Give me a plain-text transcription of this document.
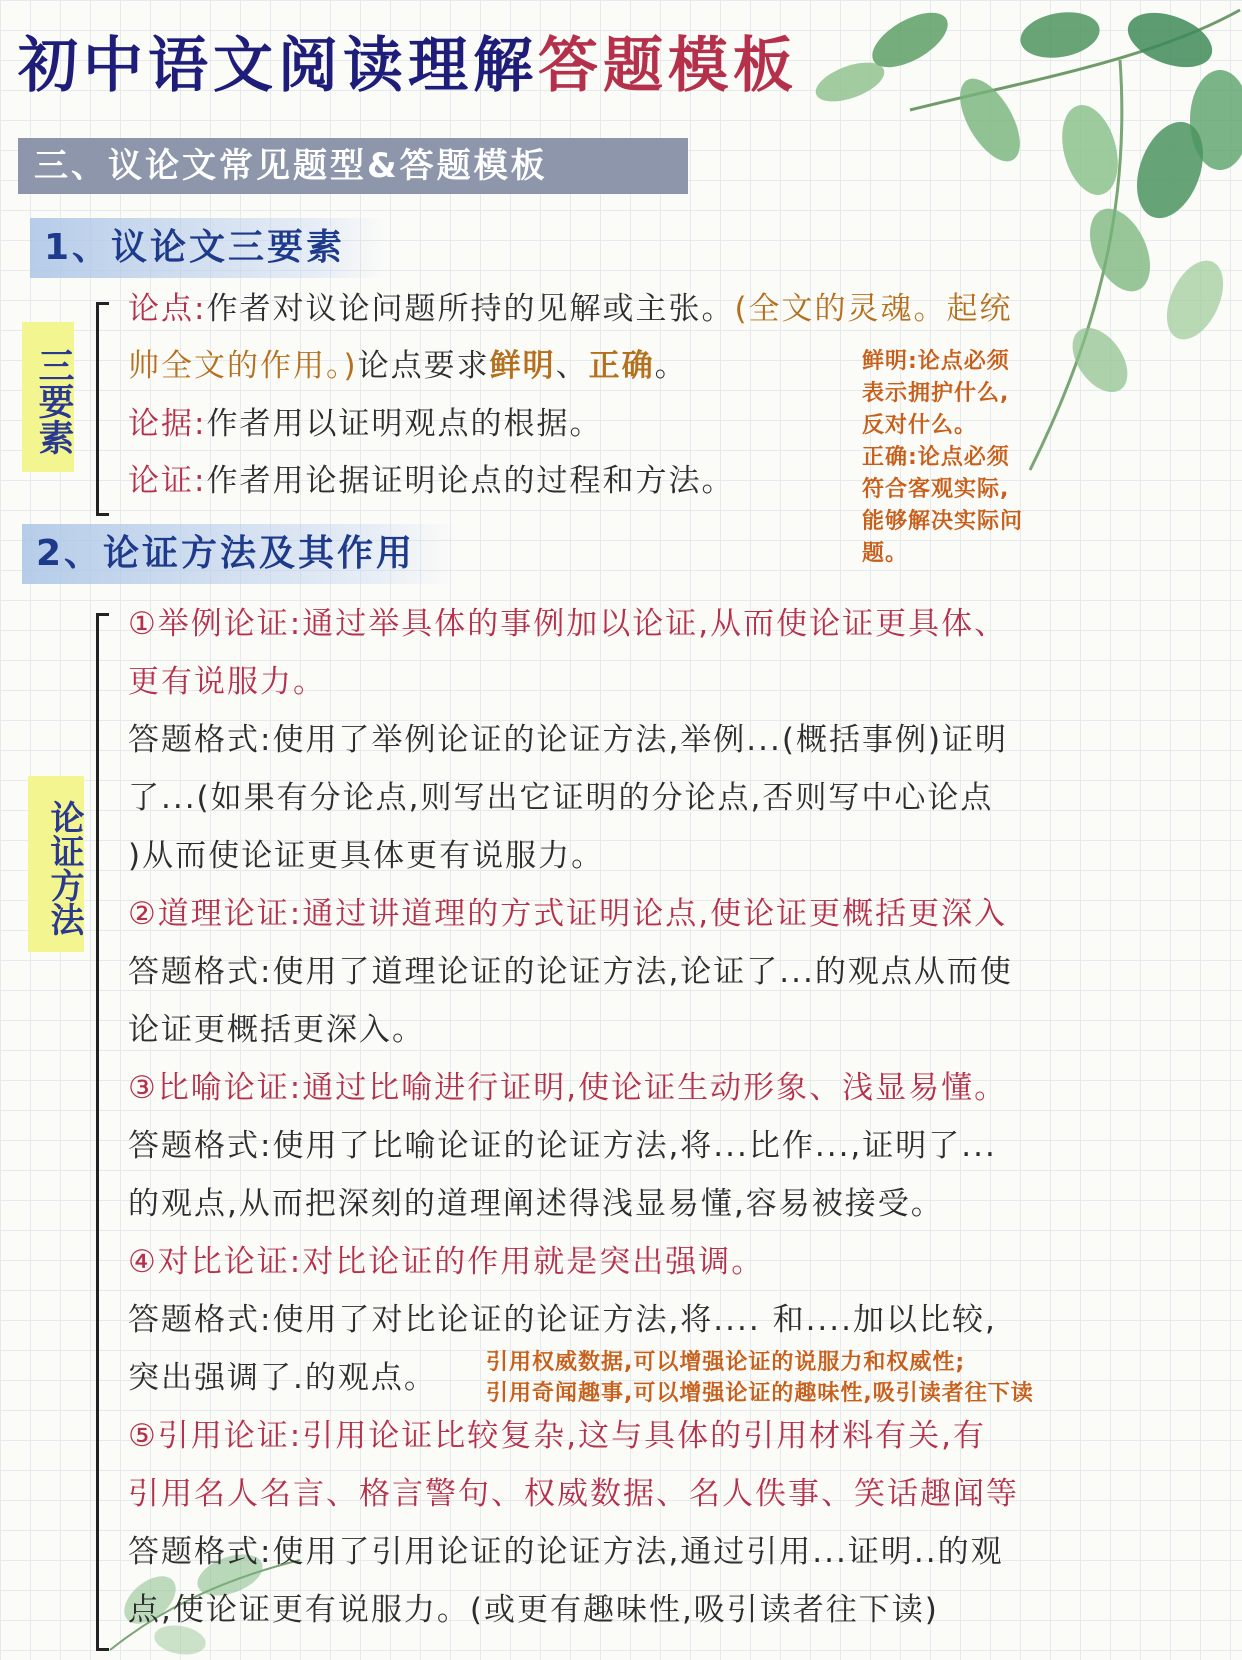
初中语文阅读理解答题模板
三、议论文常见题型&答题模板
1、议论文三要素
三要素
论点:作者对议论问题所持的见解或主张。(全文的灵魂。起统
帅全文的作用。)论点要求鲜明、正确。
论据:作者用以证明观点的根据。
论证:作者用论据证明论点的过程和方法。
鲜明:论点必须
表示拥护什么,
反对什么。
正确:论点必须
符合客观实际,
能够解决实际问
题。
2、论证方法及其作用
论证方法
①举例论证:通过举具体的事例加以论证,从而使论证更具体、
更有说服力。
答题格式:使用了举例论证的论证方法,举例...(概括事例)证明
了...(如果有分论点,则写出它证明的分论点,否则写中心论点
)从而使论证更具体更有说服力。
②道理论证:通过讲道理的方式证明论点,使论证更概括更深入
答题格式:使用了道理论证的论证方法,论证了...的观点从而使
论证更概括更深入。
③比喻论证:通过比喻进行证明,使论证生动形象、浅显易懂。
答题格式:使用了比喻论证的论证方法,将...比作...,证明了...
的观点,从而把深刻的道理阐述得浅显易懂,容易被接受。
④对比论证:对比论证的作用就是突出强调。
答题格式:使用了对比论证的论证方法,将.... 和....加以比较,
突出强调了.的观点。 引用权威数据,可以增强论证的说服力和权威性;
引用奇闻趣事,可以增强论证的趣味性,吸引读者往下读
⑤引用论证:引用论证比较复杂,这与具体的引用材料有关,有
引用名人名言、格言警句、权威数据、名人佚事、笑话趣闻等
答题格式:使用了引用论证的论证方法,通过引用...证明..的观
点,使论证更有说服力。(或更有趣味性,吸引读者往下读)
